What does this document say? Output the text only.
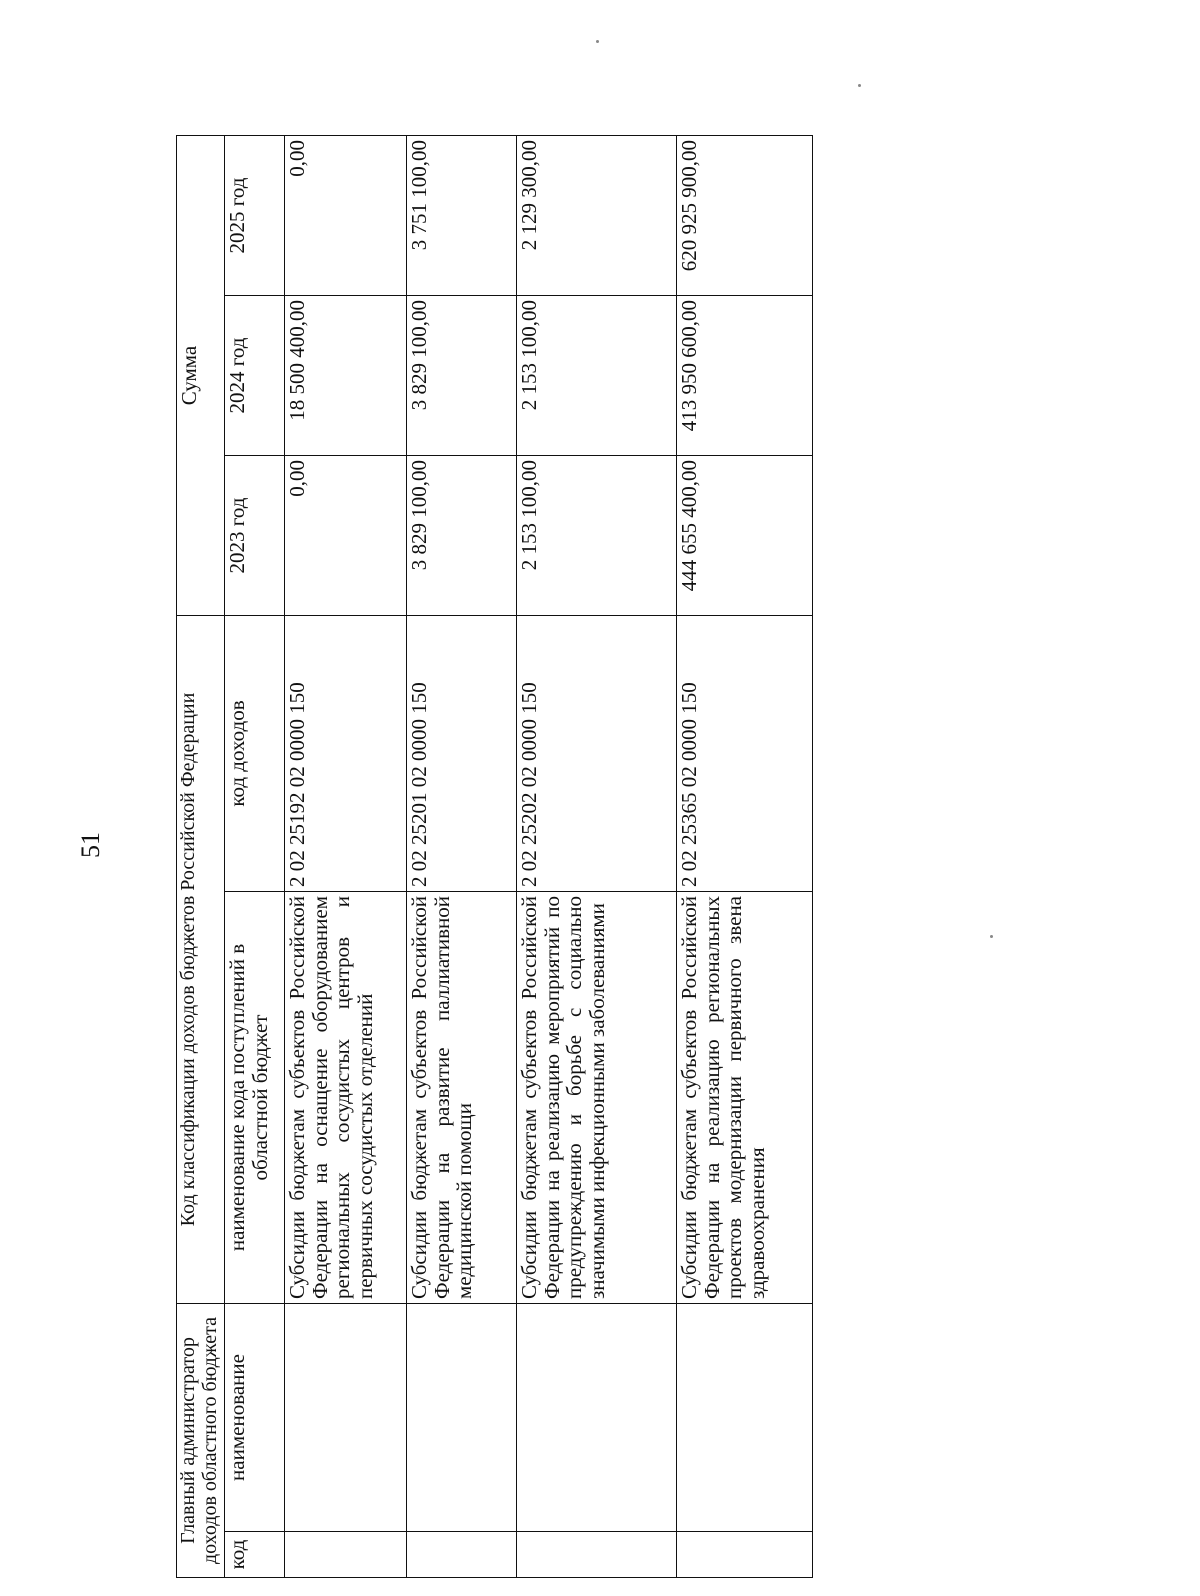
51
Главный администратор доходов областного бюджета		Код классификации доходов бюджетов Российской Федерации		Сумма		
код	наименование	наименование кода поступлений в областной бюджет	код доходов	2023 год	2024 год	2025 год
		Субсидии бюджетам субъектов Российской Федерации на оснащение оборудованием региональных сосудистых центров и первичных сосудистых отделений	2 02 25192 02 0000 150	0,00	18 500 400,00	0,00
		Субсидии бюджетам субъектов Российской Федерации на развитие паллиативной медицинской помощи	2 02 25201 02 0000 150	3 829 100,00	3 829 100,00	3 751 100,00
		Субсидии бюджетам субъектов Российской Федерации на реализацию мероприятий по предупреждению и борьбе с социально значимыми инфекционными заболеваниями	2 02 25202 02 0000 150	2 153 100,00	2 153 100,00	2 129 300,00
		Субсидии бюджетам субъектов Российской Федерации на реализацию региональных проектов модернизации первичного звена здравоохранения	2 02 25365 02 0000 150	444 655 400,00	413 950 600,00	620 925 900,00
